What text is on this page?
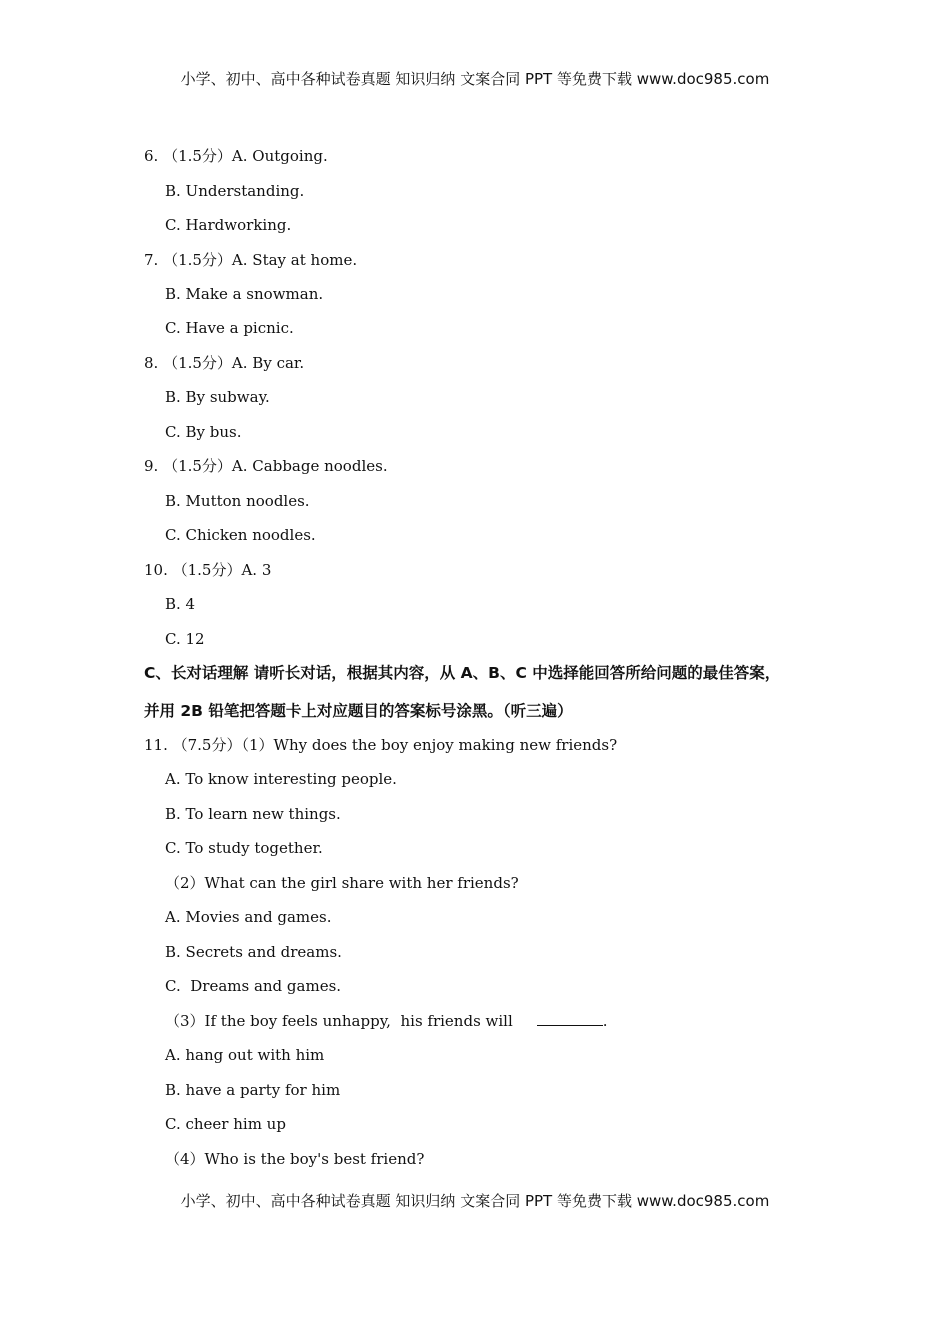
小学、初中、高中各种试卷真题 知识归纳 文案合同 PPT 等免费下载 www.doc985.com
6. （1.5分）A. Outgoing.
B. Understanding.
C. Hardworking.
7. （1.5分）A. Stay at home.
B. Make a snowman.
C. Have a picnic.
8. （1.5分）A. By car.
B. By subway.
C. By bus.
9. （1.5分）A. Cabbage noodles.
B. Mutton noodles.
C. Chicken noodles.
10. （1.5分）A. 3
B. 4
C. 12
C、长对话理解 请听长对话，根据其内容，从 A、B、C 中选择能回答所给问题的最佳答案，
并用 2B 铅笔把答题卡上对应题目的答案标号涂黑。（听三遍）
11. （7.5分）（1）Why does the boy enjoy making new friends?
A. To know interesting people.
B. To learn new things.
C. To study together.
（2）What can the girl share with her friends?
A. Movies and games.
B. Secrets and dreams.
C.  Dreams and games.
（3）If the boy feels unhappy,  his friends will	.
A. hang out with him
B. have a party for him
C. cheer him up
（4）Who is the boy's best friend?
小学、初中、高中各种试卷真题 知识归纳 文案合同 PPT 等免费下载 www.doc985.com
